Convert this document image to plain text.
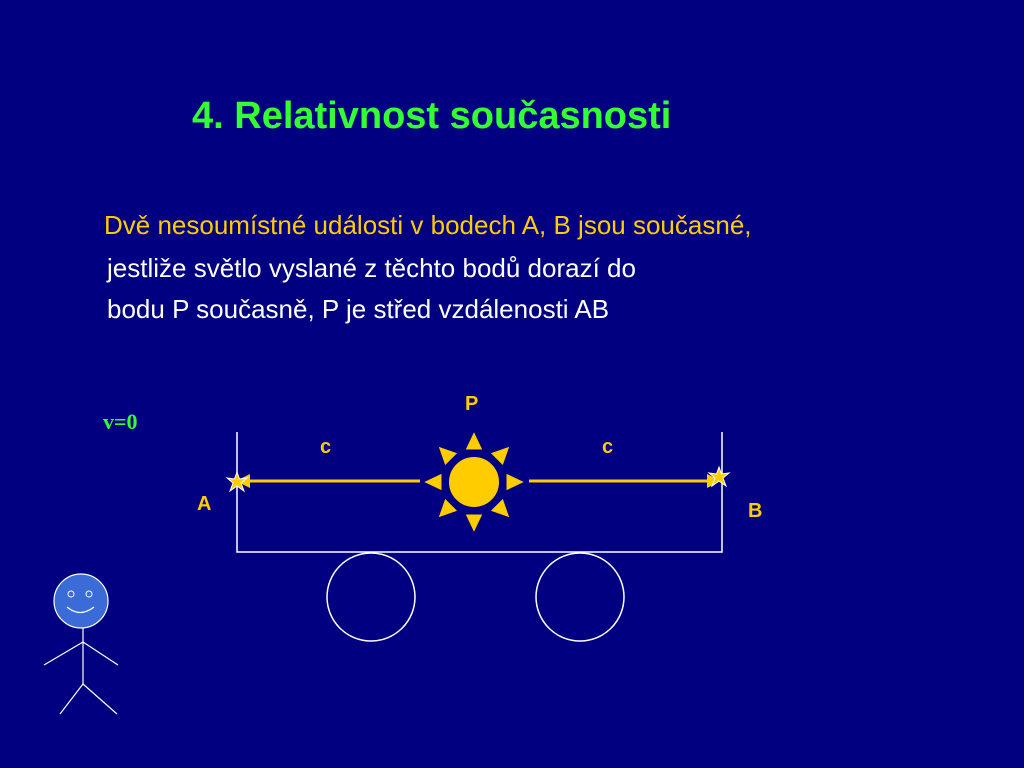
4. Relativnost současnosti
Dvě nesoumístné události v bodech A, B jsou současné,
jestliže světlo vyslané z těchto bodů dorazí do
bodu P současně, P je střed vzdálenosti AB
v=0
P
c	c
A	B
